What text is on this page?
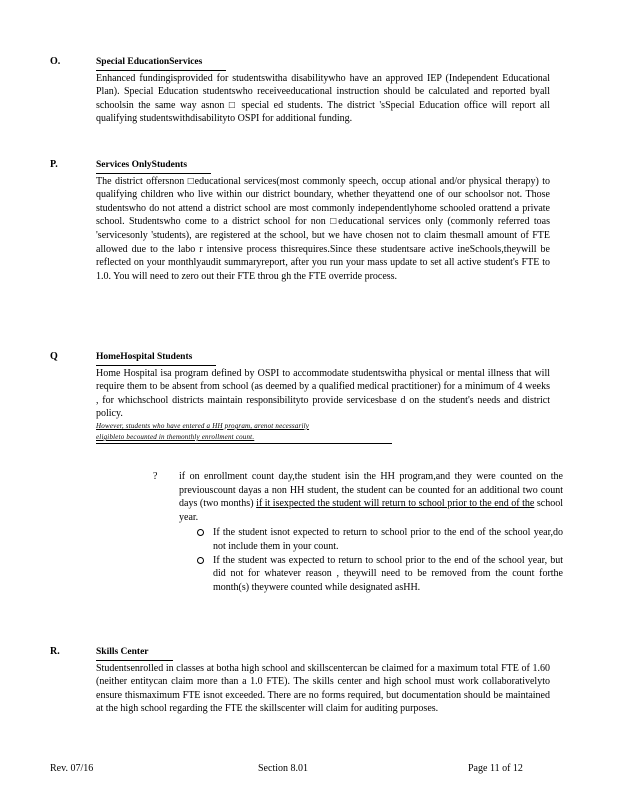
O.	Special EducationServices
Enhanced fundingisprovided for studentswitha disabilitywho have an approved IEP (Independent Educational Plan). Special Education studentswho receiveeducational instruction should be calculated and reported byall schoolsin the same way asnon □ special ed students. The district 'sSpecial Education office will report all qualifying studentswithdisabilityto OSPI for additional funding.
P.	Services OnlyStudents
The district offersnon □educational services(most commonly speech, occup ational and/or physical therapy) to qualifying children who live within our district boundary, whether theyattend one of our schoolsor not. Those studentswho do not attend a district school are most commonly independentlyhome schooled orattend a private school. Studentswho come to a district school for non □educational services only (commonly referred toas 'servicesonly 'students), are registered at the school, but we have chosen not to claim thesmall amount of FTE allowed due to the labo r intensive process thisrequires.Since these studentsare active ineSchools,theywill be reflected on your monthlyaudit summaryreport, after you run your mass update to set all active student's FTE to 1.0. You will need to zero out their FTE throu gh the FTE override process.
Q	HomeHospital Students
Home Hospital isa program defined by OSPI to accommodate studentswitha physical or mental illness that will require them to be absent from school (as deemed by a qualified medical practitioner) for a minimum of 4 weeks , for whichschool districts maintain responsibilityto provide servicesbase d on the student's needs and district policy.
However, students who have entered a HH program, arenot necessarily
eligibleto becounted in themonthly enrollment count.
? if on enrollment count day,the student isin the HH program,and they were counted on the previouscount dayas a non HH student, the student can be counted for an additional two count days (two months) if it isexpected the student will return to school prior to the end of the school year.
If the student isnot expected to return to school prior to the end of the school year,do not include them in your count.
If the student was expected to return to school prior to the end of the school year, but did not for whatever reason , theywill need to be removed from the count forthe month(s) theywere counted while designated asHH.
R.	Skills Center
Studentsenrolled in classes at botha high school and skillscentercan be claimed for a maximum total FTE of 1.60 (neither entitycan claim more than a 1.0 FTE). The skills center and high school must work collaborativelyto ensure thismaximum FTE isnot exceeded. There are no forms required, but documentation should be maintained at the high school regarding the FTE the skillscenter will claim for auditing purposes.
Rev. 07/16	Section 8.01	Page 11 of 12
